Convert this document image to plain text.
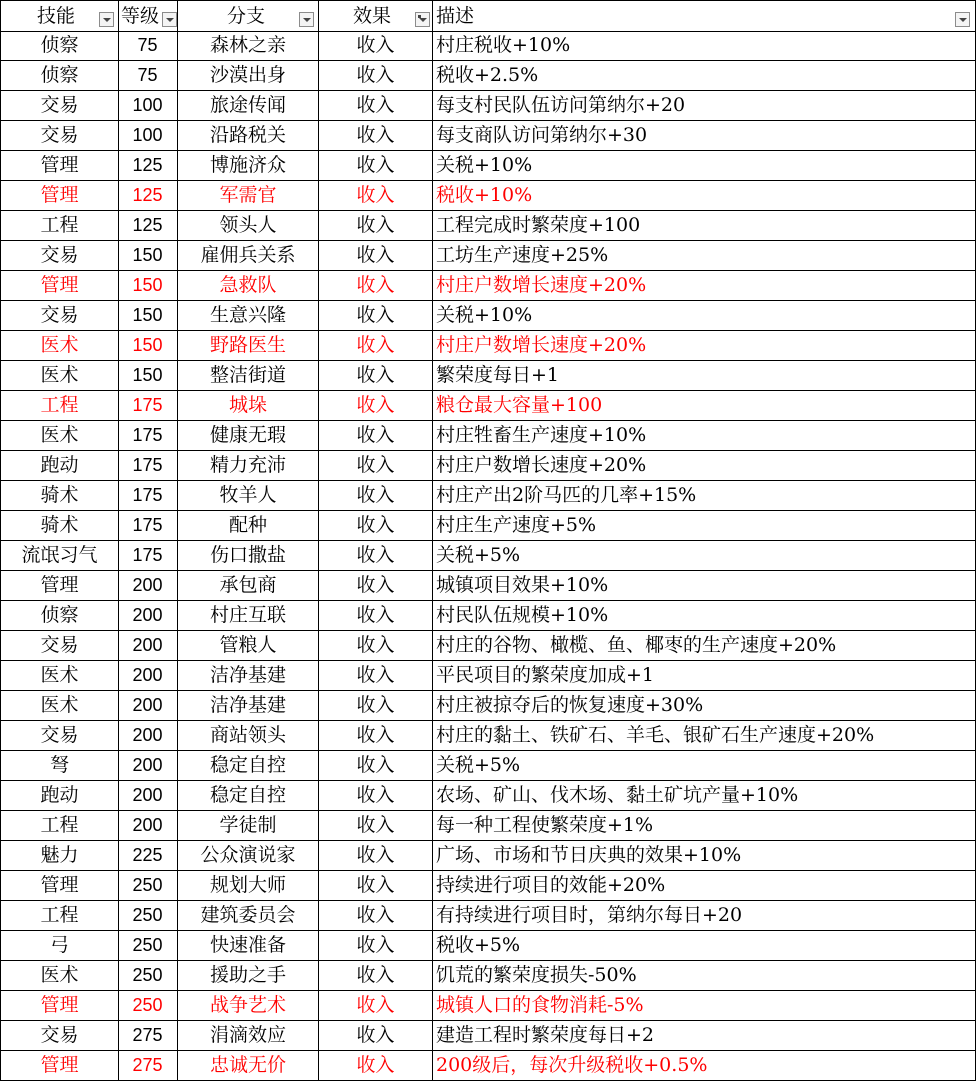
技能 等级	分支	效果 描述
侦察	75	森林之亲	收入	村庄税收+10%
侦察	75	沙漠出身	收入	税收+2.5%
交易	100	旅途传闻	收入	每支村民队伍访问第纳尔+20
交易	100	沿路税关	收入	每支商队访问第纳尔+30
管理	125	博施济众	收入	关税+10%
管理	125	军需官	收入	税收+10%
工程	125	领头人	收入	工程完成时繁荣度+100
交易	150	雇佣兵关系	收入	工坊生产速度+25%
管理	150	急救队	收入	村庄户数增长速度+20%
交易	150	生意兴隆	收入	关税+10%
医术	150	野路医生	收入	村庄户数增长速度+20%
医术	150	整洁街道	收入	繁荣度每日+1
工程	175	城垛	收入	粮仓最大容量+100
医术	175	健康无瑕	收入	村庄牲畜生产速度+10%
跑动	175	精力充沛	收入	村庄户数增长速度+20%
骑术	175	牧羊人	收入	村庄产出2阶马匹的几率+15%
骑术	175	配种	收入	村庄生产速度+5%
流氓习气	175	伤口撒盐	收入	关税+5%
管理	200	承包商	收入	城镇项目效果+10%
侦察	200	村庄互联	收入	村民队伍规模+10%
交易	200	管粮人	收入	村庄的谷物、橄榄、鱼、椰枣的生产速度+20%
医术	200	洁净基建	收入	平民项目的繁荣度加成+1
医术	200	洁净基建	收入	村庄被掠夺后的恢复速度+30%
交易	200	商站领头	收入	村庄的黏土、铁矿石、羊毛、银矿石生产速度+20%
弩	200	稳定自控	收入	关税+5%
跑动	200	稳定自控	收入	农场、矿山、伐木场、黏土矿坑产量+10%
工程	200	学徒制	收入	每一种工程使繁荣度+1%
魅力	225	公众演说家	收入	广场、市场和节日庆典的效果+10%
管理	250	规划大师	收入	持续进行项目的效能+20%
工程	250	建筑委员会	收入	有持续进行项目时，第纳尔每日+20
弓	250	快速准备	收入	税收+5%
医术	250	援助之手	收入	饥荒的繁荣度损失-50%
管理	250	战争艺术	收入	城镇人口的食物消耗-5%
交易	275	涓滴效应	收入	建造工程时繁荣度每日+2
管理	275	忠诚无价	收入	200级后，每次升级税收+0.5%
